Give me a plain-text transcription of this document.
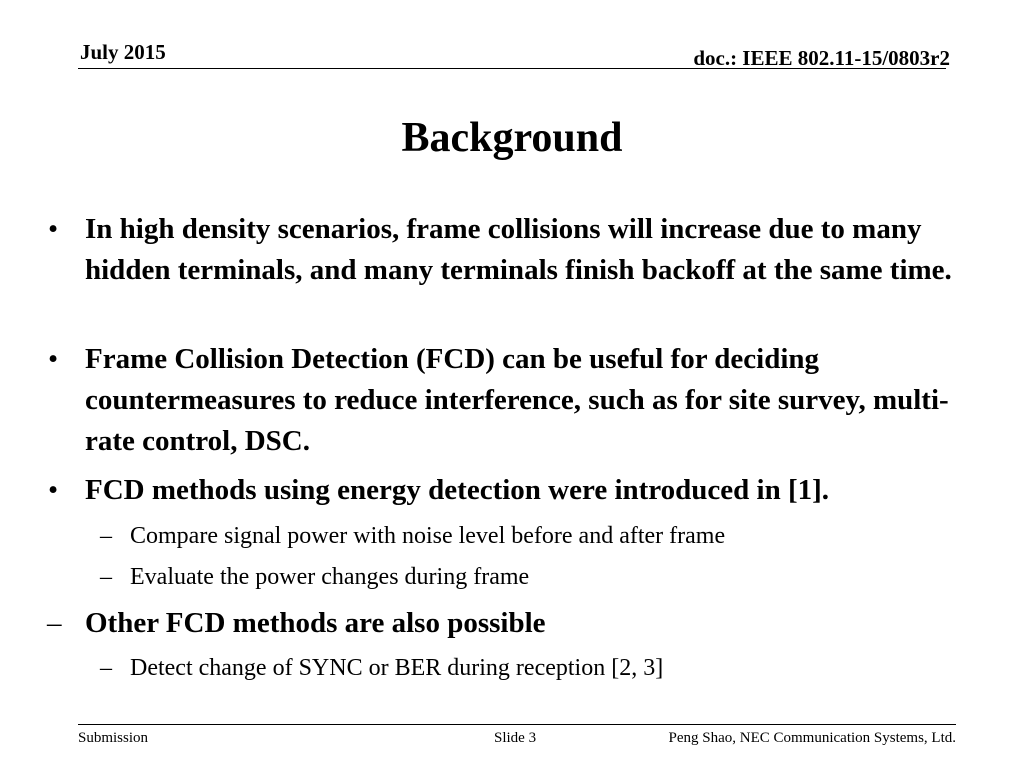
July 2015	doc.: IEEE 802.11-15/0803r2
Background
• In high density scenarios, frame collisions will increase due to many hidden terminals, and many terminals finish backoff at the same time.
• Frame Collision Detection (FCD) can be useful for deciding countermeasures to reduce interference, such as for site survey, multi-rate control, DSC.
• FCD methods using energy detection were introduced in [1].
– Compare signal power with noise level before and after frame
– Evaluate the power changes during frame
– Other FCD methods are also possible
– Detect change of SYNC or BER during reception [2, 3]
Submission	Slide 3	Peng Shao, NEC Communication Systems, Ltd.
